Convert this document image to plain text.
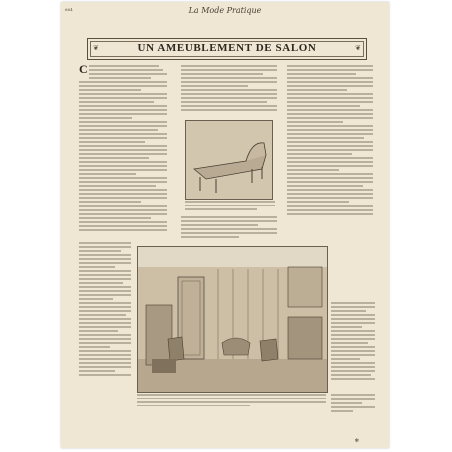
664	La Mode Pratique
❦	UN AMEUBLEMENT DE SALON	❦
C
✻
